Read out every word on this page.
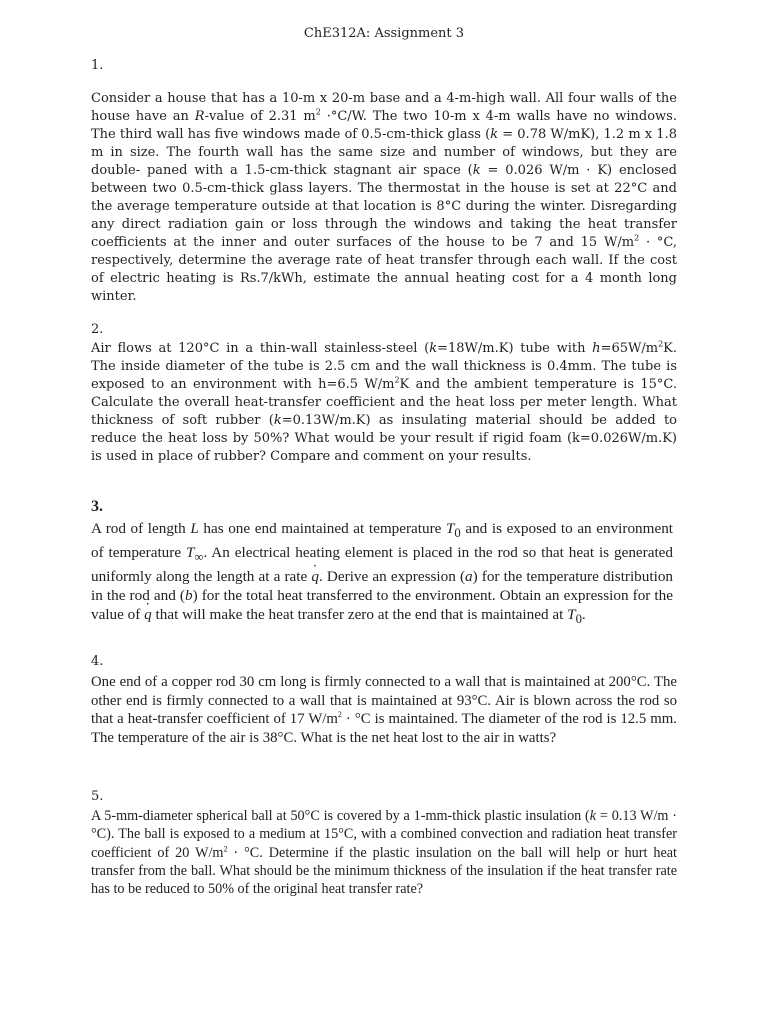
ChE312A: Assignment 3
1.
Consider a house that has a 10-m x 20-m base and a 4-m-high wall. All four walls of the house have an R-value of 2.31 $m^2 \cdot^\circ C/W$. The two 10-m x 4-m walls have no windows. The third wall has five windows made of 0.5-cm-thick glass (k = 0.78 W/mK), 1.2 m x 1.8 m in size. The fourth wall has the same size and number of windows, but they are double- paned with a 1.5-cm-thick stagnant air space (k = 0.026 W/m · K) enclosed between two 0.5-cm-thick glass layers. The thermostat in the house is set at 22°C and the average temperature outside at that location is 8°C during the winter. Disregarding any direct radiation gain or loss through the windows and taking the heat transfer coefficients at the inner and outer surfaces of the house to be 7 and 15 $W/m^2 \cdot ^\circ C$, respectively, determine the average rate of heat transfer through each wall. If the cost of electric heating is Rs.7/kWh, estimate the annual heating cost for a 4 month long winter.
2.
Air flows at 120°C in a thin-wall stainless-steel (k=18W/m.K) tube with $h=65W/m^2K$. The inside diameter of the tube is 2.5 cm and the wall thickness is 0.4mm. The tube is exposed to an environment with h=6.5 $W/m^2K$ and the ambient temperature is 15°C. Calculate the overall heat-transfer coefficient and the heat loss per meter length. What thickness of soft rubber (k=0.13W/m.K) as insulating material should be added to reduce the heat loss by 50%? What would be your result if rigid foam (k=0.026W/m.K) is used in place of rubber? Compare and comment on your results.
3.
A rod of length L has one end maintained at temperature $T_0$ and is exposed to an environment of temperature $T_\infty$. An electrical heating element is placed in the rod so that heat is generated uniformly along the length at a rate q ˙. Derive an expression (a) for the temperature distribution in the rod and (b) for the total heat transferred to the environment. Obtain an expression for the value of q ˙ that will make the heat transfer zero at the end that is maintained at $T_0$.
4.
One end of a copper rod 30 cm long is firmly connected to a wall that is maintained at 200°C. The other end is firmly connected to a wall that is maintained at 93°C. Air is blown across the rod so that a heat-transfer coefficient of 17 $W/m^2 \cdot ^\circ C$ is maintained. The diameter of the rod is 12.5 mm. The temperature of the air is 38°C. What is the net heat lost to the air in watts?
5.
A 5-mm-diameter spherical ball at 50°C is covered by a 1-mm-thick plastic insulation (k = 0.13 W/m · °C). The ball is exposed to a medium at 15°C, with a combined convection and radiation heat transfer coefficient of 20 $W/m^2 \cdot ^\circ C$. Determine if the plastic insulation on the ball will help or hurt heat transfer from the ball. What should be the minimum thickness of the insulation if the heat transfer rate has to be reduced to 50% of the original heat transfer rate?
